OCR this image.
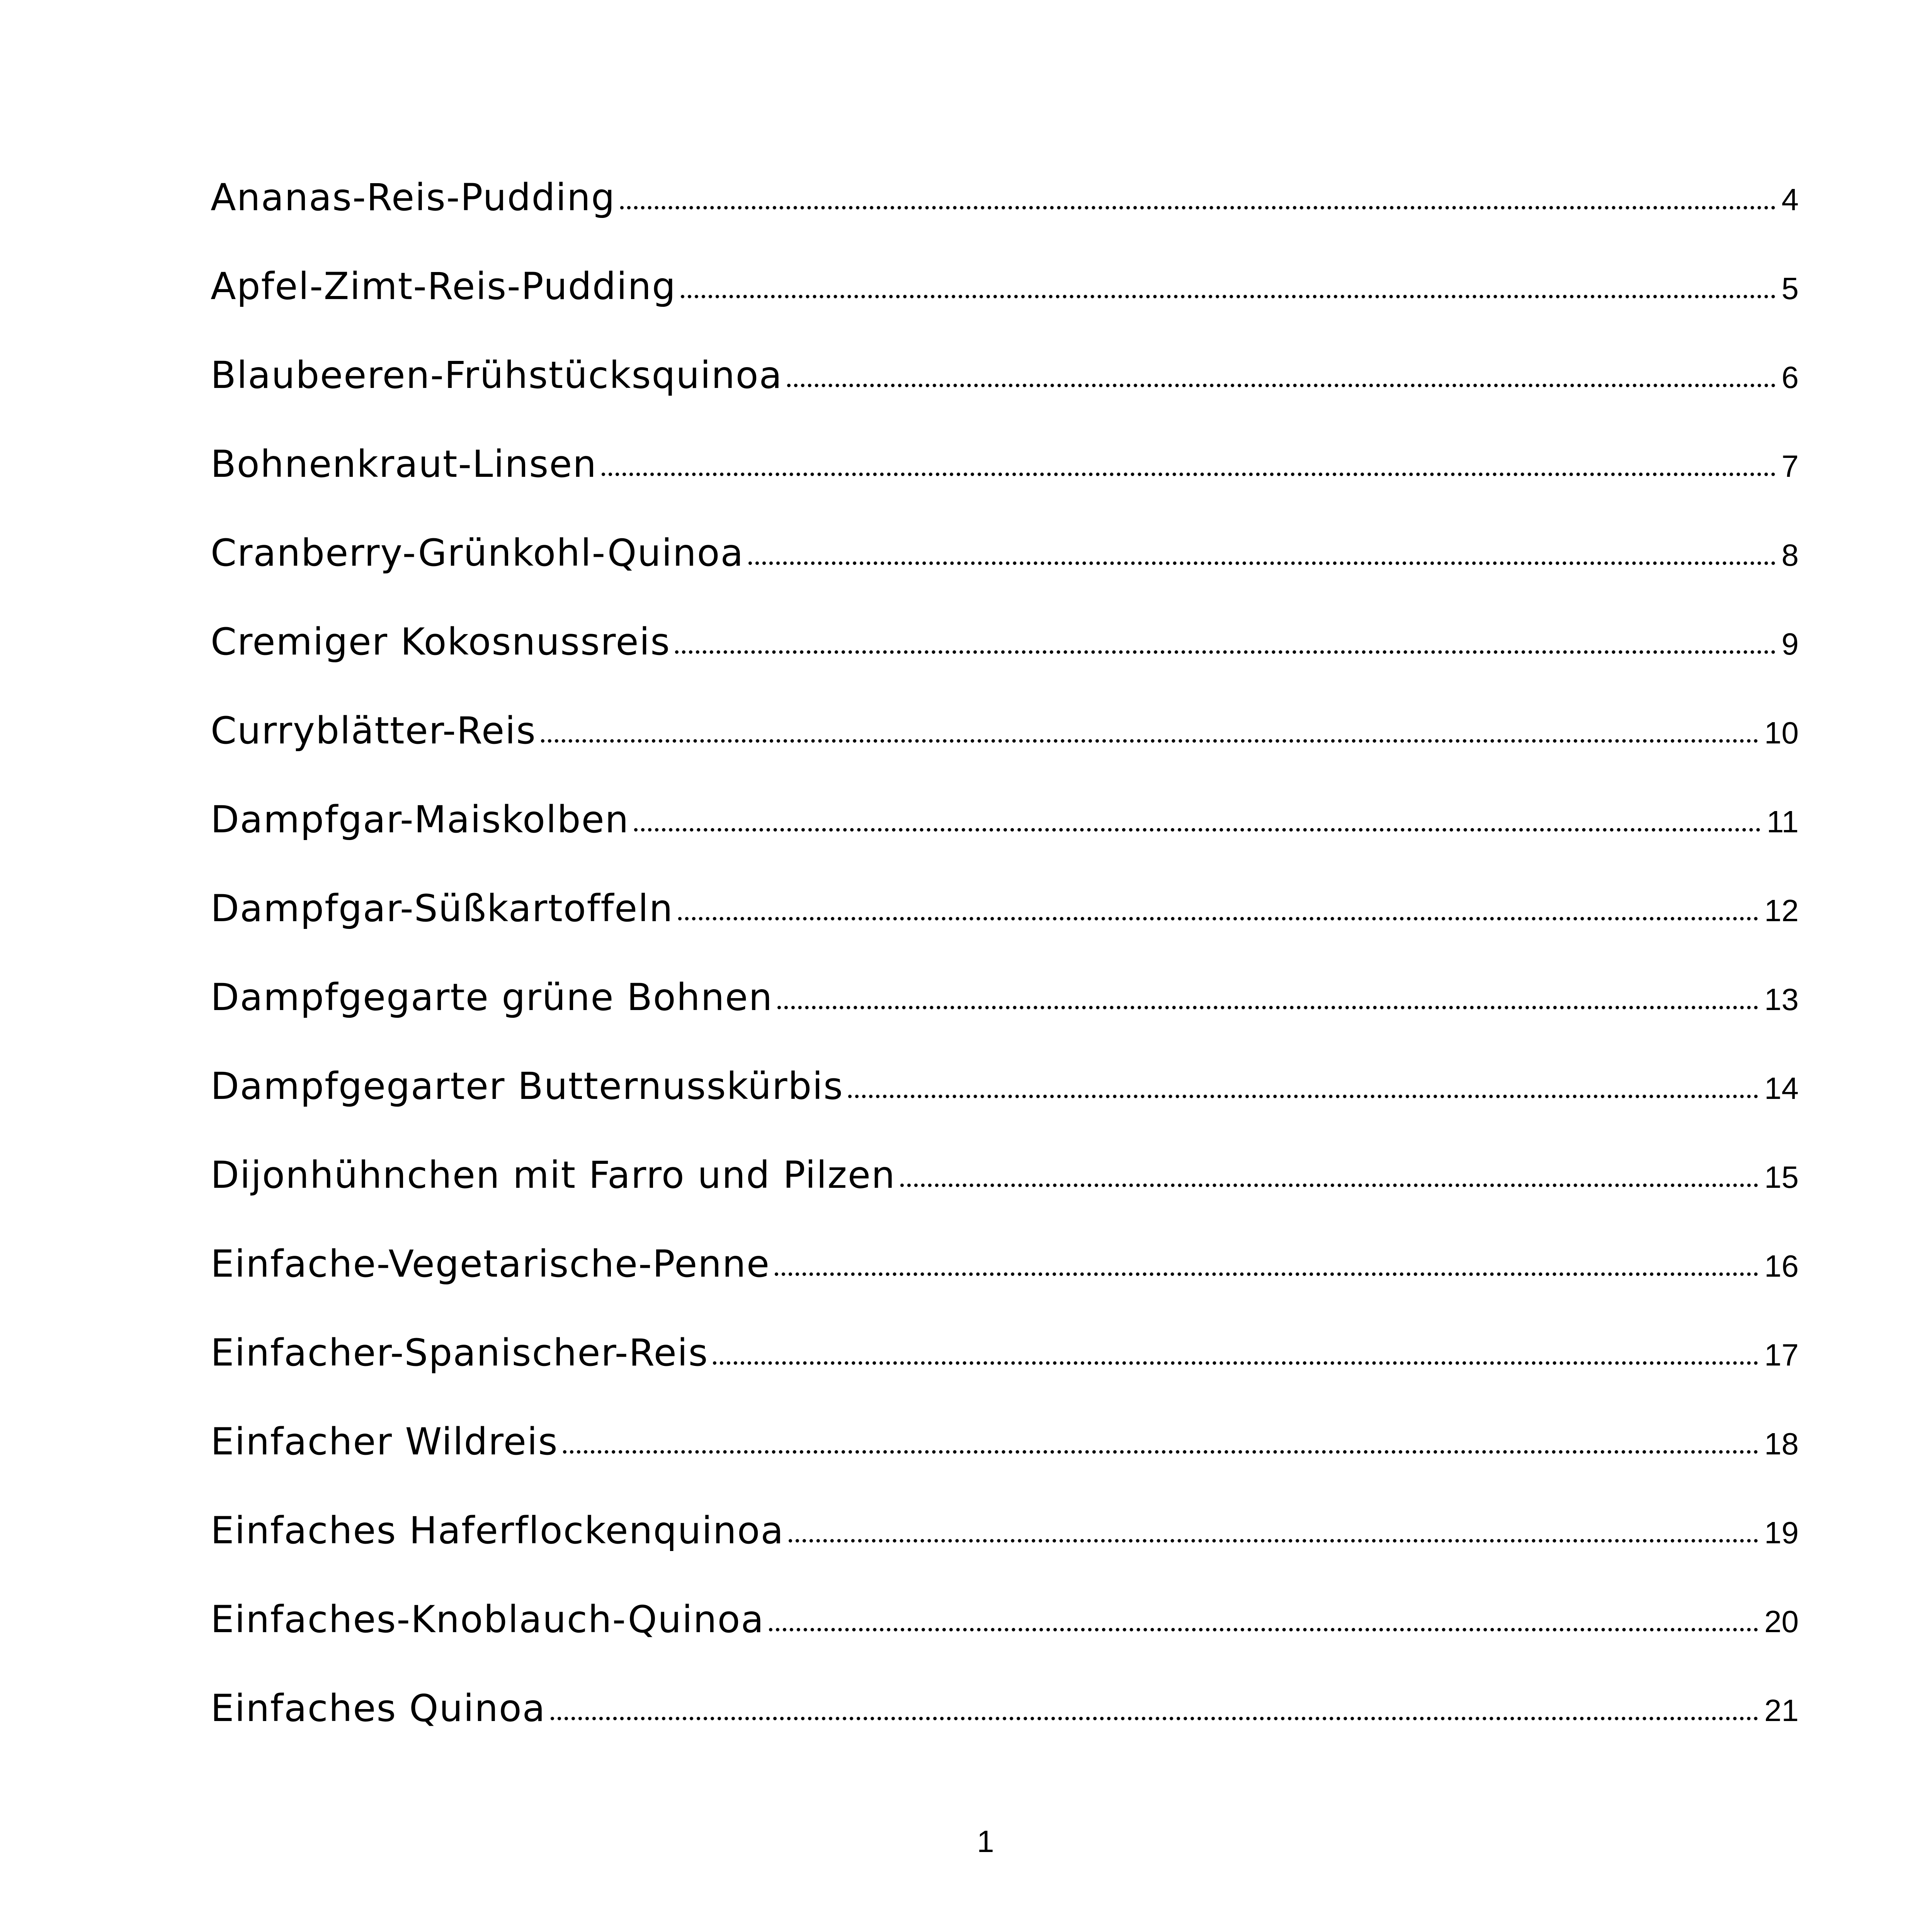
Ananas-Reis-Pudding	4
Apfel-Zimt-Reis-Pudding	5
Blaubeeren-Frühstücksquinoa	6
Bohnenkraut-Linsen	7
Cranberry-Grünkohl-Quinoa	8
Cremiger Kokosnussreis	9
Curryblätter-Reis	10
Dampfgar-Maiskolben	11
Dampfgar-Süßkartoffeln	12
Dampfgegarte grüne Bohnen	13
Dampfgegarter Butternusskürbis	14
Dijonhühnchen mit Farro und Pilzen	15
Einfache-Vegetarische-Penne	16
Einfacher-Spanischer-Reis	17
Einfacher Wildreis	18
Einfaches Haferflockenquinoa	19
Einfaches-Knoblauch-Quinoa	20
Einfaches Quinoa	21
1
